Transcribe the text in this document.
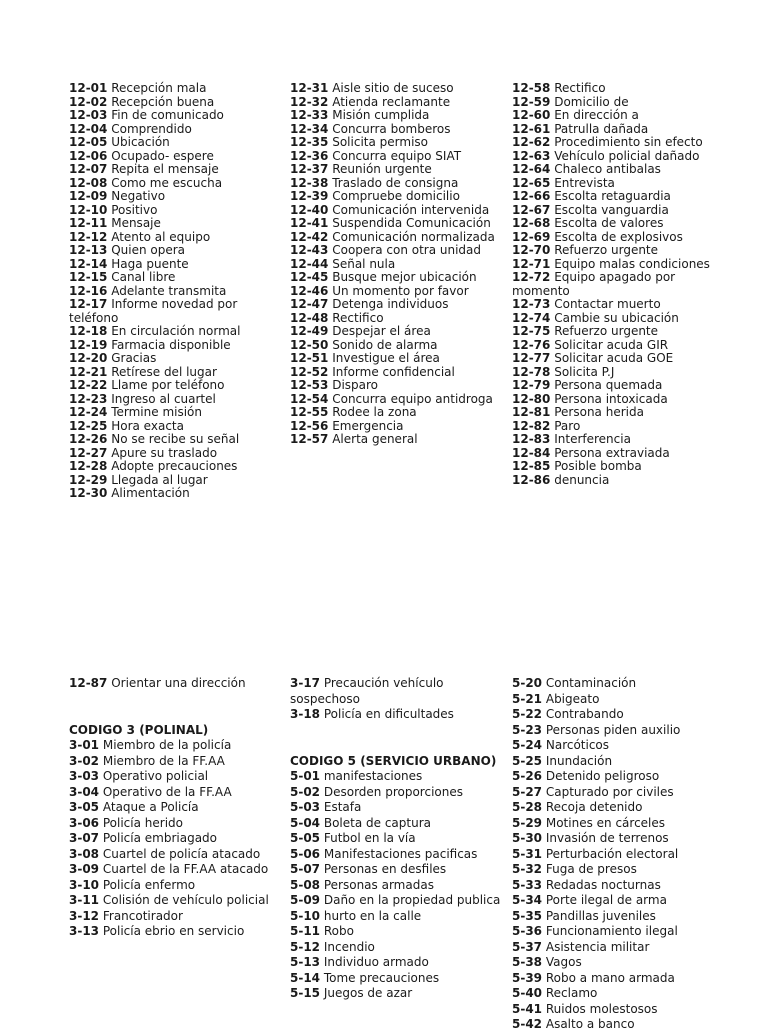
12-01 Recepción mala
12-02 Recepción buena
12-03 Fin de comunicado
12-04 Comprendido
12-05 Ubicación
12-06 Ocupado- espere
12-07 Repita el mensaje
12-08 Como me escucha
12-09 Negativo
12-10 Positivo
12-11 Mensaje
12-12 Atento al equipo
12-13 Quien opera
12-14 Haga puente
12-15 Canal libre
12-16 Adelante transmita
12-17 Informe novedad por teléfono
12-18 En circulación normal
12-19 Farmacia disponible
12-20 Gracias
12-21 Retírese del lugar
12-22 Llame por teléfono
12-23 Ingreso al cuartel
12-24 Termine misión
12-25 Hora exacta
12-26 No se recibe su señal
12-27 Apure su traslado
12-28 Adopte precauciones
12-29 Llegada al lugar
12-30 Alimentación
12-31 Aisle sitio de suceso
12-32 Atienda reclamante
12-33 Misión cumplida
12-34 Concurra bomberos
12-35 Solicita permiso
12-36 Concurra equipo SIAT
12-37 Reunión urgente
12-38 Traslado de consigna
12-39 Compruebe domicilio
12-40 Comunicación intervenida
12-41 Suspendida Comunicación
12-42 Comunicación normalizada
12-43 Coopera con otra unidad
12-44 Señal nula
12-45 Busque mejor ubicación
12-46 Un momento por favor
12-47 Detenga individuos
12-48 Rectifico
12-49 Despejar el área
12-50 Sonido de alarma
12-51 Investigue el área
12-52 Informe confidencial
12-53 Disparo
12-54 Concurra equipo antidroga
12-55 Rodee la zona
12-56 Emergencia
12-57 Alerta general
12-58 Rectifico
12-59 Domicilio de
12-60 En dirección a
12-61 Patrulla dañada
12-62 Procedimiento sin efecto
12-63 Vehículo policial dañado
12-64 Chaleco antibalas
12-65 Entrevista
12-66 Escolta retaguardia
12-67 Escolta vanguardia
12-68 Escolta de valores
12-69 Escolta de explosivos
12-70 Refuerzo urgente
12-71 Equipo malas condiciones
12-72 Equipo apagado por momento
12-73 Contactar muerto
12-74 Cambie su ubicación
12-75 Refuerzo urgente
12-76 Solicitar acuda GIR
12-77 Solicitar acuda GOE
12-78 Solicita P.J
12-79 Persona quemada
12-80 Persona intoxicada
12-81 Persona herida
12-82 Paro
12-83 Interferencia
12-84 Persona extraviada
12-85 Posible bomba
12-86 denuncia
12-87 Orientar una dirección
CODIGO 3 (POLINAL)
3-01 Miembro de la policía
3-02 Miembro de la FF.AA
3-03 Operativo policial
3-04 Operativo de la FF.AA
3-05 Ataque a Policía
3-06 Policía herido
3-07 Policía embriagado
3-08 Cuartel de policía atacado
3-09 Cuartel de la FF.AA atacado
3-10 Policía enfermo
3-11 Colisión de vehículo policial
3-12 Francotirador
3-13 Policía ebrio en servicio
3-17 Precaución vehículo sospechoso
3-18 Policía en dificultades
CODIGO 5 (SERVICIO URBANO)
5-01 manifestaciones
5-02 Desorden proporciones
5-03 Estafa
5-04 Boleta de captura
5-05 Futbol en la vía
5-06 Manifestaciones pacificas
5-07 Personas en desfiles
5-08 Personas armadas
5-09 Daño en la propiedad publica
5-10 hurto en la calle
5-11 Robo
5-12 Incendio
5-13 Individuo armado
5-14 Tome precauciones
5-15 Juegos de azar
5-20 Contaminación
5-21 Abigeato
5-22 Contrabando
5-23 Personas piden auxilio
5-24 Narcóticos
5-25 Inundación
5-26 Detenido peligroso
5-27 Capturado por civiles
5-28 Recoja detenido
5-29 Motines en cárceles
5-30 Invasión de terrenos
5-31 Perturbación electoral
5-32 Fuga de presos
5-33 Redadas nocturnas
5-34 Porte ilegal de arma
5-35 Pandillas juveniles
5-36 Funcionamiento ilegal
5-37 Asistencia militar
5-38 Vagos
5-39 Robo a mano armada
5-40 Reclamo
5-41 Ruidos molestosos
5-42 Asalto a banco
